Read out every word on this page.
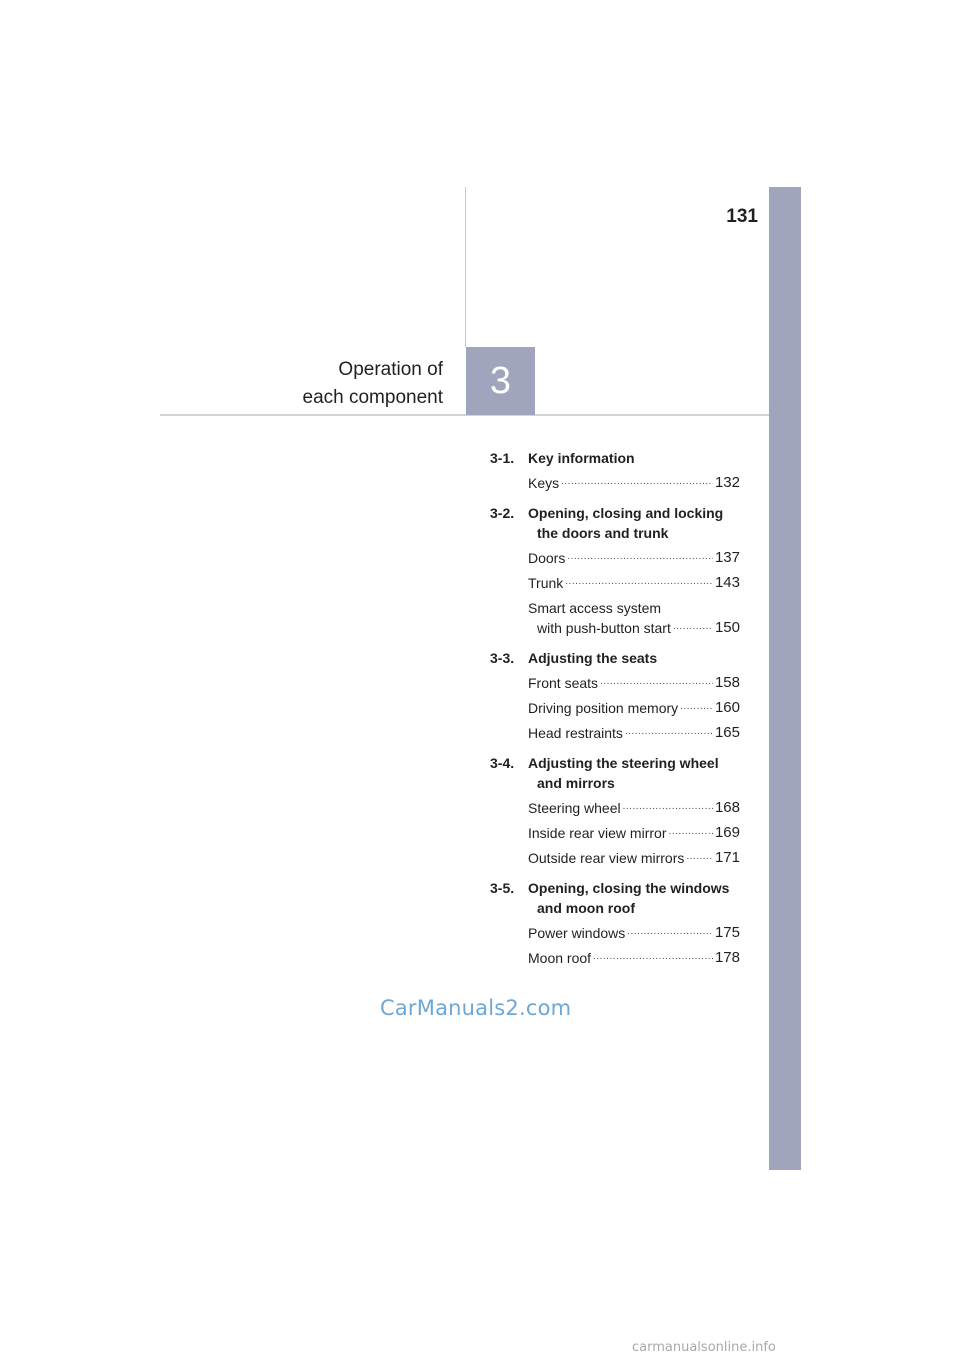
131
Operation of
each component	3
3-1. Key information
Keys .....	132
3-2. Opening, closing and locking
the doors and trunk
Doors .....	137
Trunk .....	143
Smart access system
with push-button start .....	150
3-3. Adjusting the seats
Front seats .....	158
Driving position memory ..... 160
Head restraints .....	165
3-4. Adjusting the steering wheel
and mirrors
Steering wheel .....	168
Inside rear view mirror .....	169
Outside rear view mirrors ..... 171
3-5. Opening, closing the windows
and moon roof
Power windows .....	175
Moon roof .....	178
CarManuals2.com
carmanualsonline.info
